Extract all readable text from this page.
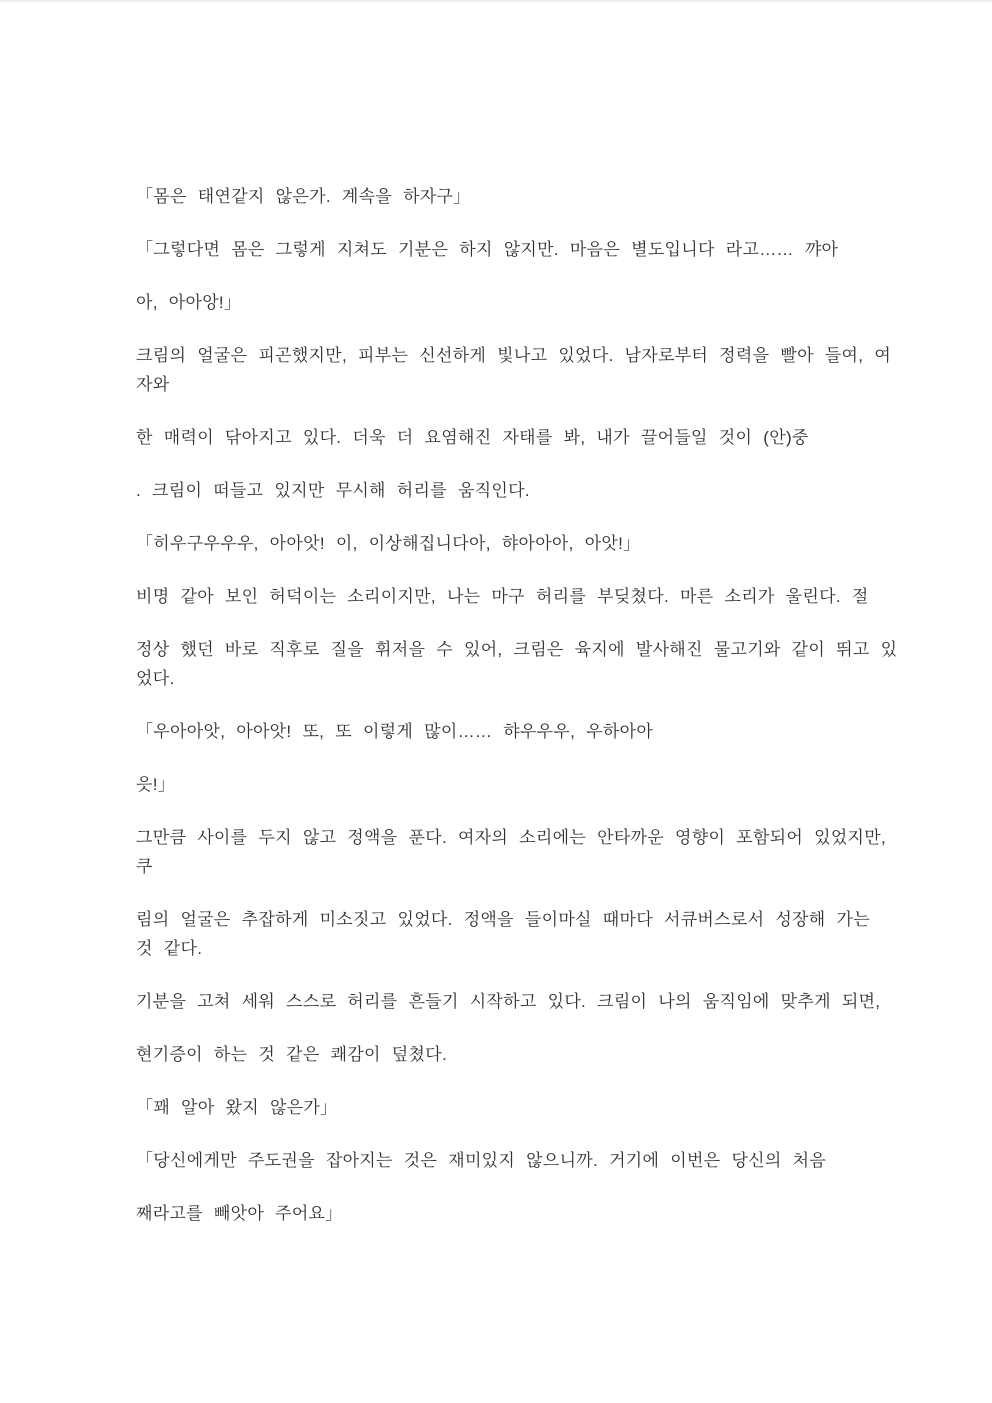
「몸은 태연같지 않은가. 계속을 하자구」

「그렇다면 몸은 그렇게 지쳐도 기분은 하지 않지만. 마음은 별도입니다 라고…… 꺄아

아, 아아앙!」

크림의 얼굴은 피곤했지만, 피부는 신선하게 빛나고 있었다. 남자로부터 정력을 빨아 들여, 여
자와

한 매력이 닦아지고 있다. 더욱 더 요염해진 자태를 봐, 내가 끌어들일 것이 (안)중

. 크림이 떠들고 있지만 무시해 허리를 움직인다.

「히우구우우우, 아아앗! 이, 이상해집니다아, 햐아아아, 아앗!」

비명 같아 보인 허덕이는 소리이지만, 나는 마구 허리를 부딪쳤다. 마른 소리가 울린다. 절

정상 했던 바로 직후로 질을 휘저을 수 있어, 크림은 육지에 발사해진 물고기와 같이 뛰고 있
었다.

「우아아앗, 아아앗! 또, 또 이렇게 많이…… 햐우우우, 우하아아

읏!」

그만큼 사이를 두지 않고 정액을 푼다. 여자의 소리에는 안타까운 영향이 포함되어 있었지만,
쿠

림의 얼굴은 추잡하게 미소짓고 있었다. 정액을 들이마실 때마다 서큐버스로서 성장해 가는
것 같다.

기분을 고쳐 세워 스스로 허리를 흔들기 시작하고 있다. 크림이 나의 움직임에 맞추게 되면,

현기증이 하는 것 같은 쾌감이 덮쳤다.

「꽤 알아 왔지 않은가」

「당신에게만 주도권을 잡아지는 것은 재미있지 않으니까. 거기에 이번은 당신의 처음

째라고를 빼앗아 주어요」
